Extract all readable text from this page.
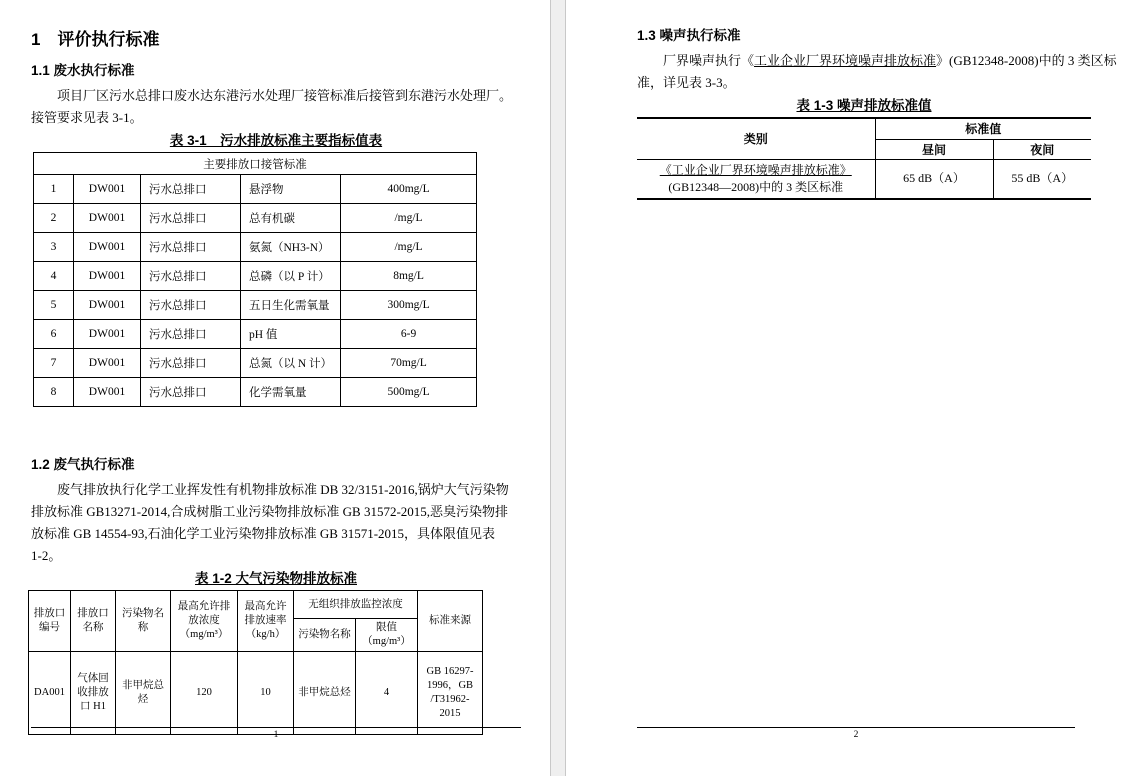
1　评价执行标准
1.1 废水执行标准
项目厂区污水总排口废水达东港污水处理厂接管标准后接管到东港污水处理厂。
接管要求见表 3-1。
表 3-1　污水排放标准主要指标值表
主要排放口接管标准				
1	DW001	污水总排口	悬浮物	400mg/L
2	DW001	污水总排口	总有机碳	/mg/L
3	DW001	污水总排口	氨氮（NH3-N）	/mg/L
4	DW001	污水总排口	总磷（以 P 计）	8mg/L
5	DW001	污水总排口	五日生化需氧量	300mg/L
6	DW001	污水总排口	pH 值	6-9
7	DW001	污水总排口	总氮（以 N 计）	70mg/L
8	DW001	污水总排口	化学需氧量	500mg/L
1.2 废气执行标准
废气排放执行化学工业挥发性有机物排放标准 DB 32/3151-2016,锅炉大气污染物
排放标准 GB13271-2014,合成树脂工业污染物排放标准 GB 31572-2015,恶臭污染物排
放标准 GB 14554-93,石油化学工业污染物排放标准 GB 31571-2015，具体限值见表
1-2。
表 1-2 大气污染物排放标准
排放口编号	排放口名称	污染物名称	最高允许排放浓度（mg/m³）	最高允许排放速率（kg/h）	无组织排放监控浓度		标准来源
					污染物名称	限值（mg/m³）	
DA001	气体回收排放口 H1	非甲烷总烃	120	10	非甲烷总烃	4	GB 16297-1996，GB /T31962-2015
1
1.3 噪声执行标准
厂界噪声执行《工业企业厂界环境噪声排放标准》(GB12348-2008)中的 3 类区标
准，详见表 3-3。
表 1-3 噪声排放标准值
类别	标准值	
	昼间	夜间

《工业企业厂界环境噪声排放标准》
(GB12348—2008)中的 3 类区标准	65 dB（A）	55 dB（A）
2
